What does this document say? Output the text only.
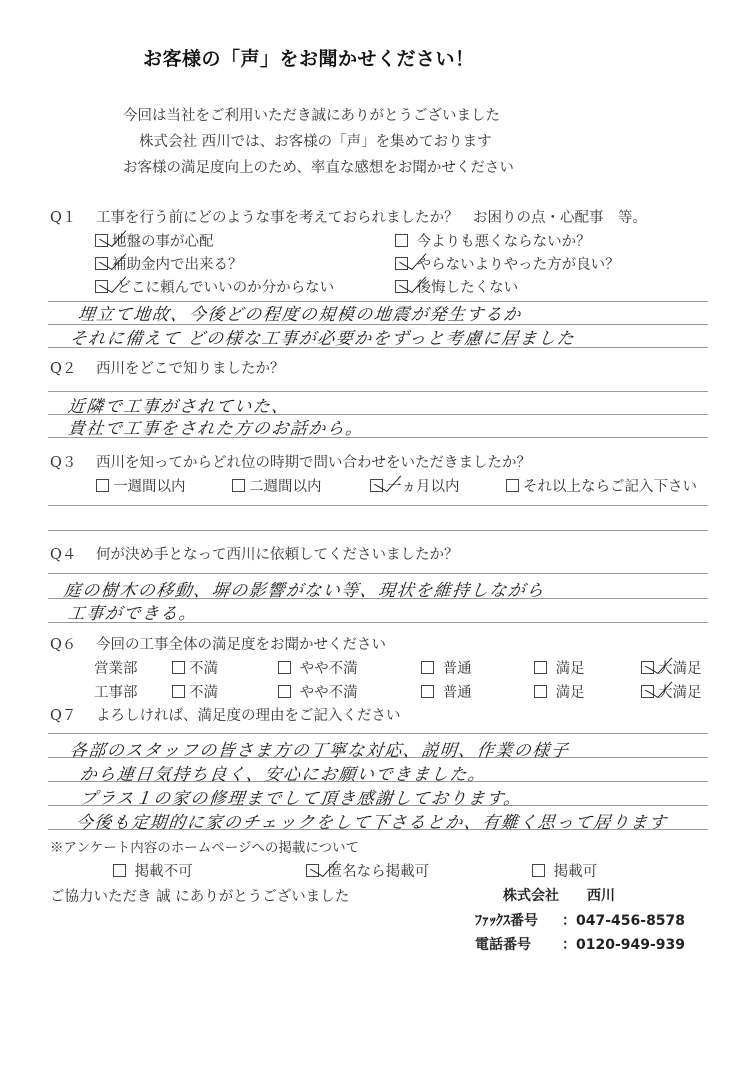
お客様の「声」をお聞かせください！
今回は当社をご利用いただき誠にありがとうございました
株式会社 西川では、お客様の「声」を集めております
お客様の満足度向上のため、率直な感想をお聞かせください
Q１ 工事を行う前にどのような事を考えておられましたか？　お困りの点・心配事　等。
地盤の事が心配	今よりも悪くならないか？
補助金内で出来る？	やらないよりやった方が良い？
どこに頼んでいいのか分からない	後悔したくない
埋立て地故、今後どの程度の規模の地震が発生するか
それに備えて どの様な工事が必要かをずっと考慮に居ました
Q２ 西川をどこで知りましたか？
近隣で工事がされていた、
貴社で工事をされた方のお話から。
Q３ 西川を知ってからどれ位の時期で問い合わせをいただきましたか？
一週間以内	二週間以内	一ヵ月以内	それ以上ならご記入下さい
Q４ 何が決め手となって西川に依頼してくださいましたか？
庭の樹木の移動、塀の影響がない等、現状を維持しながら
工事ができる。
Q６ 今回の工事全体の満足度をお聞かせください
営業部	不満	やや不満	普通	満足	大満足
工事部	不満	やや不満	普通	満足	大満足
Q７ よろしければ、満足度の理由をご記入ください
各部のスタッフの皆さま方の丁寧な対応、説明、作業の様子
から連日気持ち良く、安心にお願いできました。
プラス１の家の修理までして頂き感謝しております。
今後も定期的に家のチェックをして下さるとか、有難く思って居ります
※アンケート内容のホームページへの掲載について
掲載不可	匿名なら掲載可	掲載可
ご協力いただき 誠 にありがとうございました	株式会社　　西川
ﾌｧｯｸｽ番号 ：047-456-8578
電話番号 ：0120-949-939
